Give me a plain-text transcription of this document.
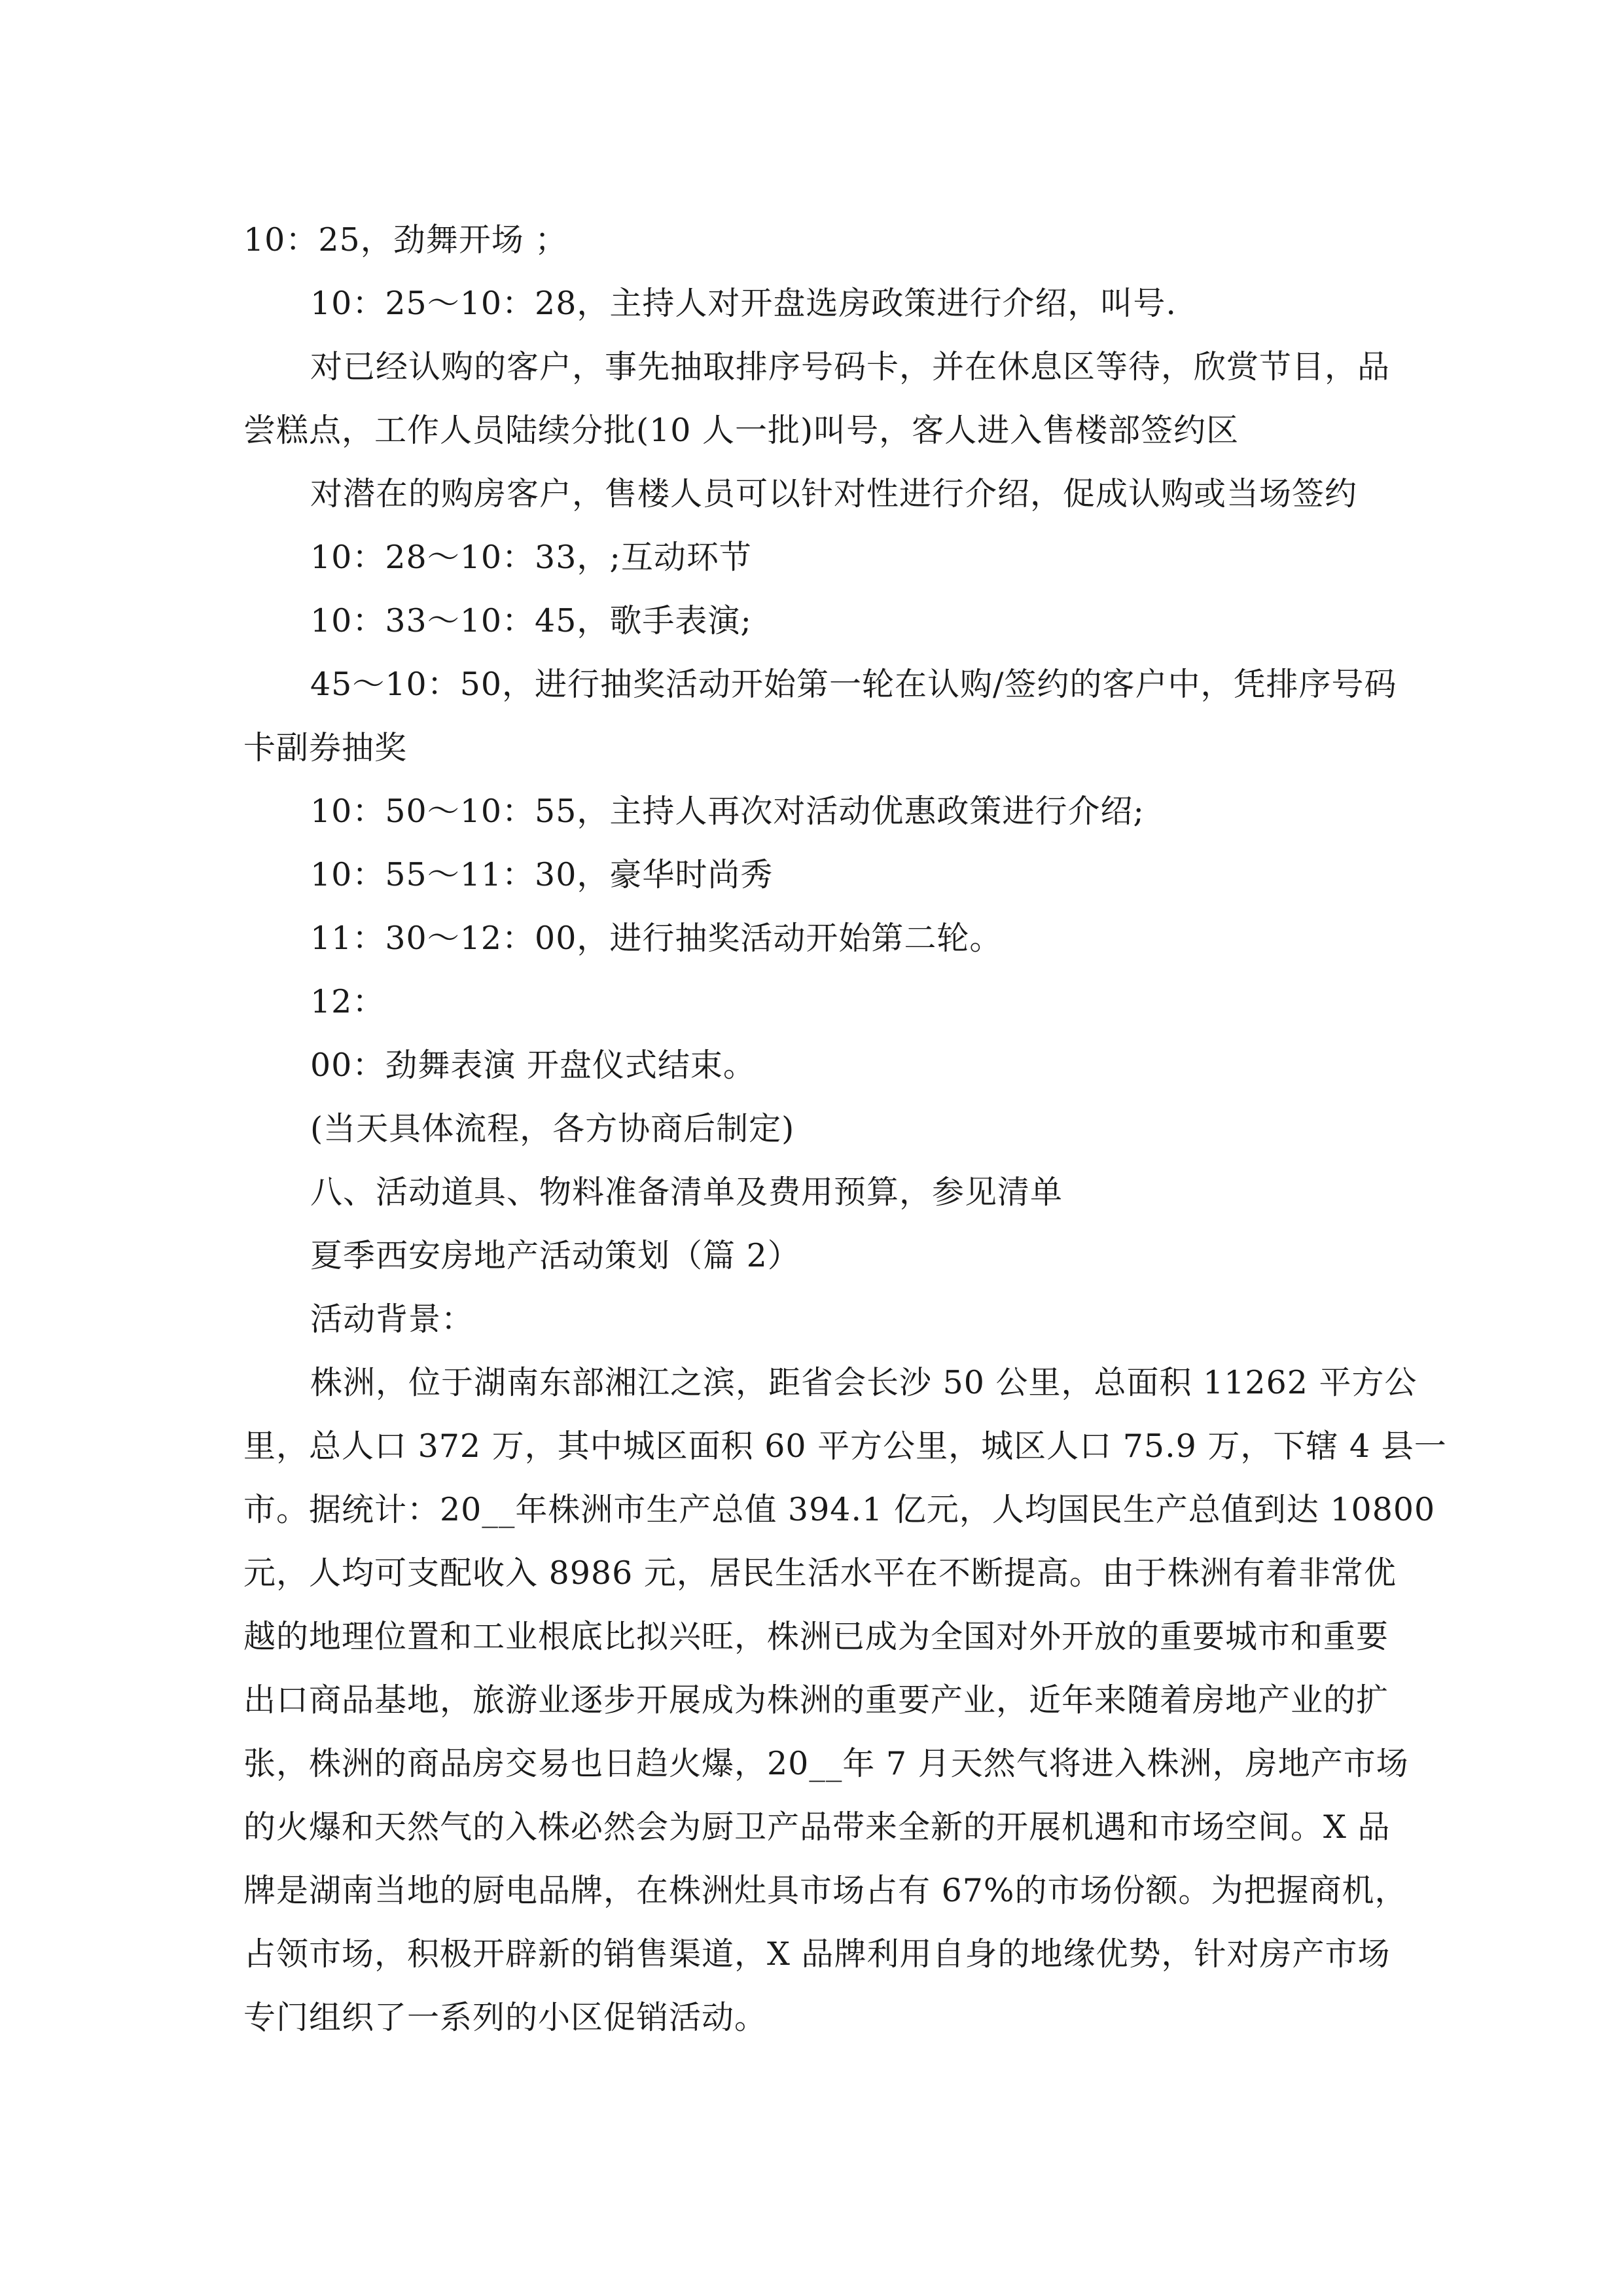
10：25，劲舞开场 ；
10：25～10：28，主持人对开盘选房政策进行介绍，叫号.
对已经认购的客户，事先抽取排序号码卡，并在休息区等待，欣赏节目，品
尝糕点，工作人员陆续分批(10 人一批)叫号，客人进入售楼部签约区
对潜在的购房客户，售楼人员可以针对性进行介绍，促成认购或当场签约
10：28～10：33，;互动环节
10：33～10：45，歌手表演;
45～10：50，进行抽奖活动开始第一轮在认购/签约的客户中，凭排序号码
卡副券抽奖
10：50～10：55，主持人再次对活动优惠政策进行介绍;
10：55～11：30，豪华时尚秀
11：30～12：00，进行抽奖活动开始第二轮。
12：
00：劲舞表演 开盘仪式结束。
(当天具体流程，各方协商后制定)
八、活动道具、物料准备清单及费用预算，参见清单
夏季西安房地产活动策划（篇 2）
活动背景：
株洲，位于湖南东部湘江之滨，距省会长沙 50 公里，总面积 11262 平方公
里，总人口 372 万，其中城区面积 60 平方公里，城区人口 75.9 万，下辖 4 县一
市。据统计：20__年株洲市生产总值 394.1 亿元，人均国民生产总值到达 10800
元，人均可支配收入 8986 元，居民生活水平在不断提高。由于株洲有着非常优
越的地理位置和工业根底比拟兴旺，株洲已成为全国对外开放的重要城市和重要
出口商品基地，旅游业逐步开展成为株洲的重要产业，近年来随着房地产业的扩
张，株洲的商品房交易也日趋火爆，20__年 7 月天然气将进入株洲，房地产市场
的火爆和天然气的入株必然会为厨卫产品带来全新的开展机遇和市场空间。X 品
牌是湖南当地的厨电品牌，在株洲灶具市场占有 67%的市场份额。为把握商机，
占领市场，积极开辟新的销售渠道，X 品牌利用自身的地缘优势，针对房产市场
专门组织了一系列的小区促销活动。
